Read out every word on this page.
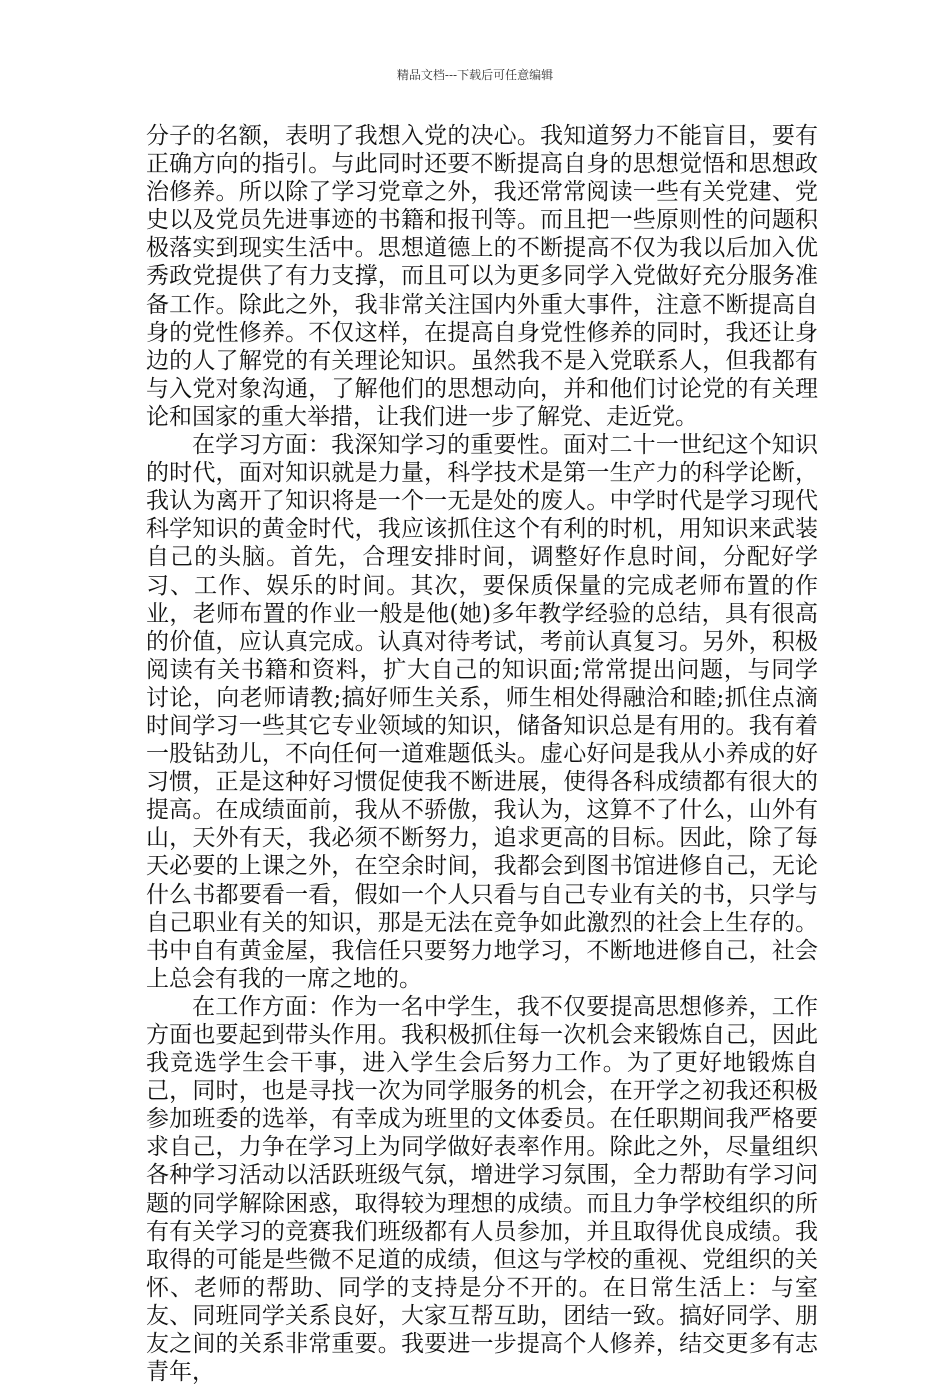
精品文档---下载后可任意编辑

分子的名额，表明了我想入党的决心。我知道努力不能盲目，要有正确方向的指引。与此同时还要不断提高自身的思想觉悟和思想政治修养。所以除了学习党章之外，我还常常阅读一些有关党建、党史以及党员先进事迹的书籍和报刊等。而且把一些原则性的问题积极落实到现实生活中。思想道德上的不断提高不仅为我以后加入优秀政党提供了有力支撑，而且可以为更多同学入党做好充分服务准备工作。除此之外，我非常关注国内外重大事件，注意不断提高自身的党性修养。不仅这样，在提高自身党性修养的同时，我还让身边的人了解党的有关理论知识。虽然我不是入党联系人，但我都有与入党对象沟通，了解他们的思想动向，并和他们讨论党的有关理论和国家的重大举措，让我们进一步了解党、走近党。

在学习方面：我深知学习的重要性。面对二十一世纪这个知识的时代，面对知识就是力量，科学技术是第一生产力的科学论断，我认为离开了知识将是一个一无是处的废人。中学时代是学习现代科学知识的黄金时代，我应该抓住这个有利的时机，用知识来武装自己的头脑。首先，合理安排时间，调整好作息时间，分配好学习、工作、娱乐的时间。其次，要保质保量的完成老师布置的作业，老师布置的作业一般是他(她)多年教学经验的总结，具有很高的价值，应认真完成。认真对待考试，考前认真复习。另外，积极阅读有关书籍和资料，扩大自己的知识面;常常提出问题，与同学讨论，向老师请教;搞好师生关系，师生相处得融洽和睦;抓住点滴时间学习一些其它专业领域的知识，储备知识总是有用的。我有着一股钻劲儿，不向任何一道难题低头。虚心好问是我从小养成的好习惯，正是这种好习惯促使我不断进展，使得各科成绩都有很大的提高。在成绩面前，我从不骄傲，我认为，这算不了什么，山外有山，天外有天，我必须不断努力，追求更高的目标。因此，除了每天必要的上课之外，在空余时间，我都会到图书馆进修自己，无论什么书都要看一看，假如一个人只看与自己专业有关的书，只学与自己职业有关的知识，那是无法在竞争如此激烈的社会上生存的。书中自有黄金屋，我信任只要努力地学习，不断地进修自己，社会上总会有我的一席之地的。

在工作方面：作为一名中学生，我不仅要提高思想修养，工作方面也要起到带头作用。我积极抓住每一次机会来锻炼自己，因此我竞选学生会干事，进入学生会后努力工作。为了更好地锻炼自己，同时，也是寻找一次为同学服务的机会，在开学之初我还积极参加班委的选举，有幸成为班里的文体委员。在任职期间我严格要求自己，力争在学习上为同学做好表率作用。除此之外，尽量组织各种学习活动以活跃班级气氛，增进学习氛围，全力帮助有学习问题的同学解除困惑，取得较为理想的成绩。而且力争学校组织的所有有关学习的竞赛我们班级都有人员参加，并且取得优良成绩。我取得的可能是些微不足道的成绩，但这与学校的重视、党组织的关怀、老师的帮助、同学的支持是分不开的。在日常生活上：与室友、同班同学关系良好，大家互帮互助，团结一致。搞好同学、朋友之间的关系非常重要。我要进一步提高个人修养，结交更多有志青年，
